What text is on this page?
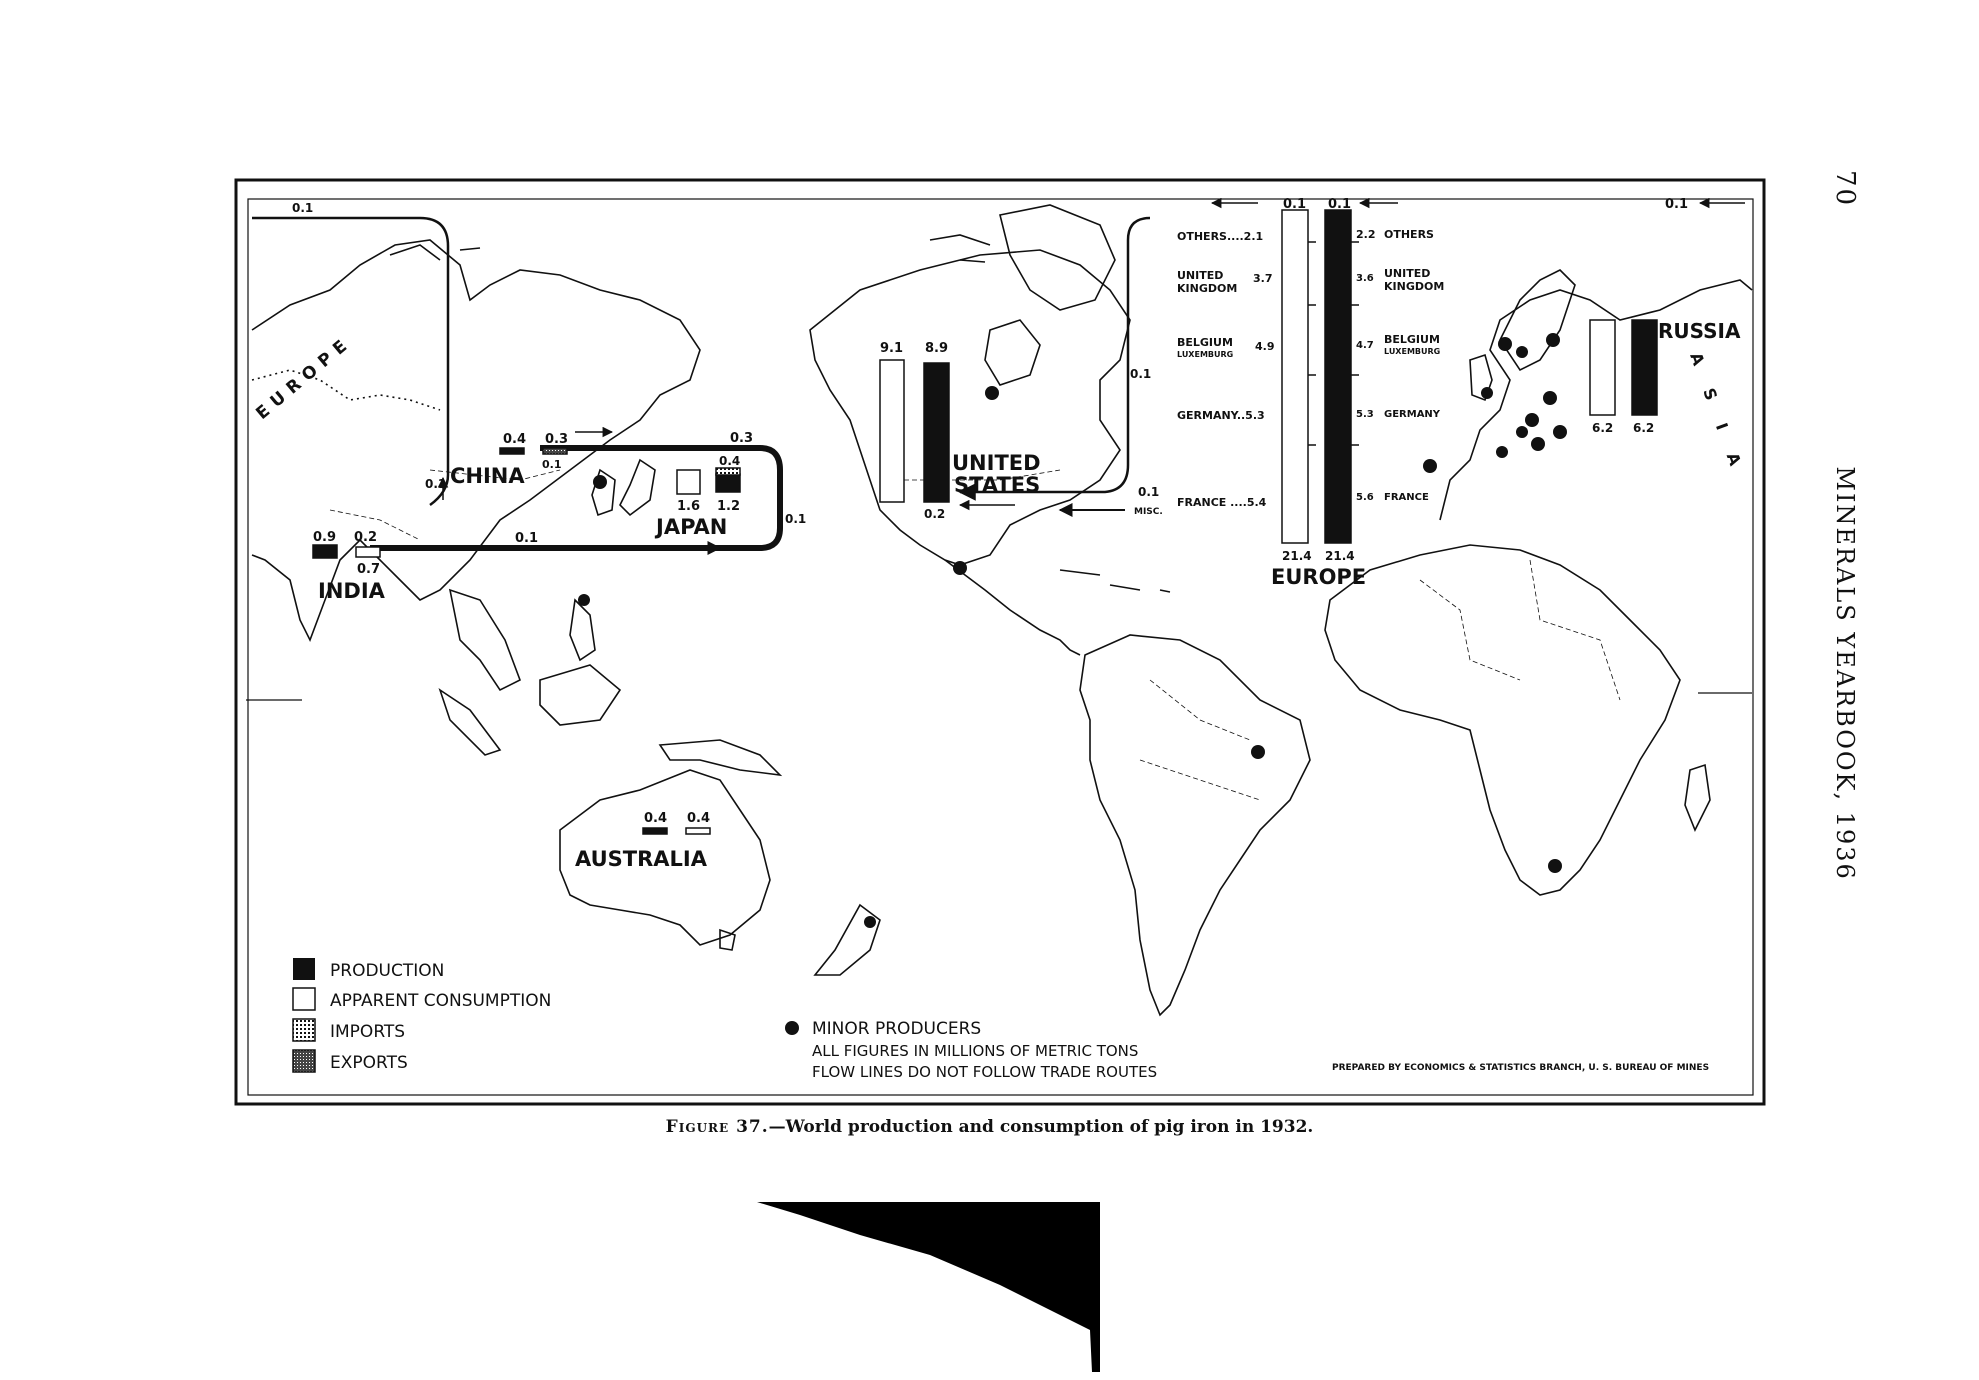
0.1
0.1
EUROPE
CHINA
0.4 0.3
0.1
JAPAN
0.3
0.4
1.6 1.2
0.1
INDIA
0.9 0.2
0.7
0.1
AUSTRALIA
0.4 0.4
9.1 8.9
UNITED
STATES
0.2
0.1
MISC.
0.1
0.1 0.1	0.1
OTHERS....2.1
UNITED
KINGDOM
3.7
BELGIUM
LUXEMBURG
4.9
GERMANY..5.3
FRANCE ....5.4
21.4
2.2 OTHERS
3.6 UNITED
KINGDOM
4.7 BELGIUM
LUXEMBURG
5.3 GERMANY
5.6 FRANCE
21.4
EUROPE
RUSSIA
6.2 6.2 A S I A
PRODUCTION
APPARENT CONSUMPTION
IMPORTS
EXPORTS
MINOR PRODUCERS
ALL FIGURES IN MILLIONS OF METRIC TONS
FLOW LINES DO NOT FOLLOW TRADE ROUTES	PREPARED BY ECONOMICS & STATISTICS BRANCH, U. S. BUREAU OF MINES
70  MINERALS YEARBOOK, 1936
Figure 37.—World production and consumption of pig iron in 1932.
